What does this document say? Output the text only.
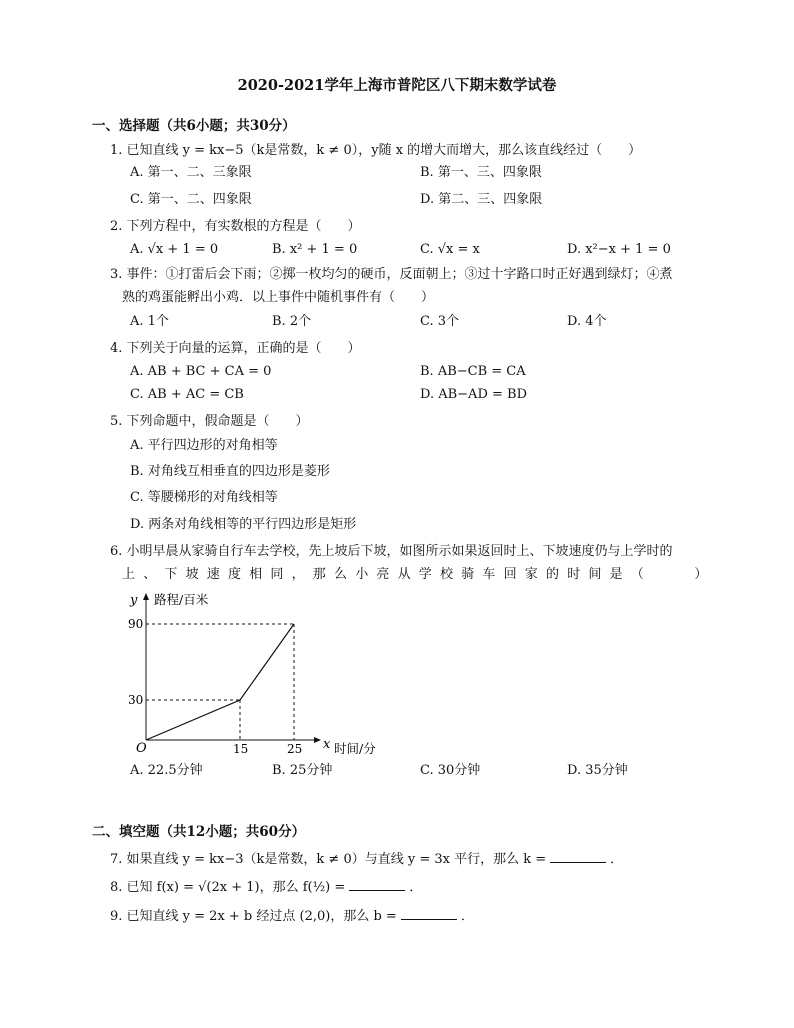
2020-2021学年上海市普陀区八下期末数学试卷
一、选择题（共6小题；共30分）
1. 已知直线 y = kx−5（k是常数，k ≠ 0），y随 x 的增大而增大，那么该直线经过（　　）
A. 第一、二、三象限	B. 第一、三、四象限
C. 第一、二、四象限	D. 第二、三、四象限
2. 下列方程中，有实数根的方程是（　　）
A. √x + 1 = 0	B. x² + 1 = 0	C. √x = x	D. x²−x + 1 = 0
3. 事件：①打雷后会下雨；②掷一枚均匀的硬币，反面朝上；③过十字路口时正好遇到绿灯；④煮
熟的鸡蛋能孵出小鸡．以上事件中随机事件有（　　）
A. 1个	B. 2个	C. 3个	D. 4个
4. 下列关于向量的运算，正确的是（　　）
A. AB + BC + CA = 0	B. AB−CB = CA
C. AB + AC = CB	D. AB−AD = BD
5. 下列命题中，假命题是（　　）
A. 平行四边形的对角相等
B. 对角线互相垂直的四边形是菱形
C. 等腰梯形的对角线相等
D. 两条对角线相等的平行四边形是矩形
6. 小明早晨从家骑自行车去学校，先上坡后下坡，如图所示如果返回时上、下坡速度仍与上学时的
上、下坡速度相同，那么小亮从学校骑车回家的时间是（　　）
y 路程/百米
90
30
O	15	25 x 时间/分
A. 22.5分钟	B. 25分钟	C. 30分钟	D. 35分钟
二、填空题（共12小题；共60分）
7. 如果直线 y = kx−3（k是常数，k ≠ 0）与直线 y = 3x 平行，那么 k =	．
8. 已知 f(x) = √(2x + 1)，那么 f(½) =	．
9. 已知直线 y = 2x + b 经过点 (2,0)，那么 b =	．
